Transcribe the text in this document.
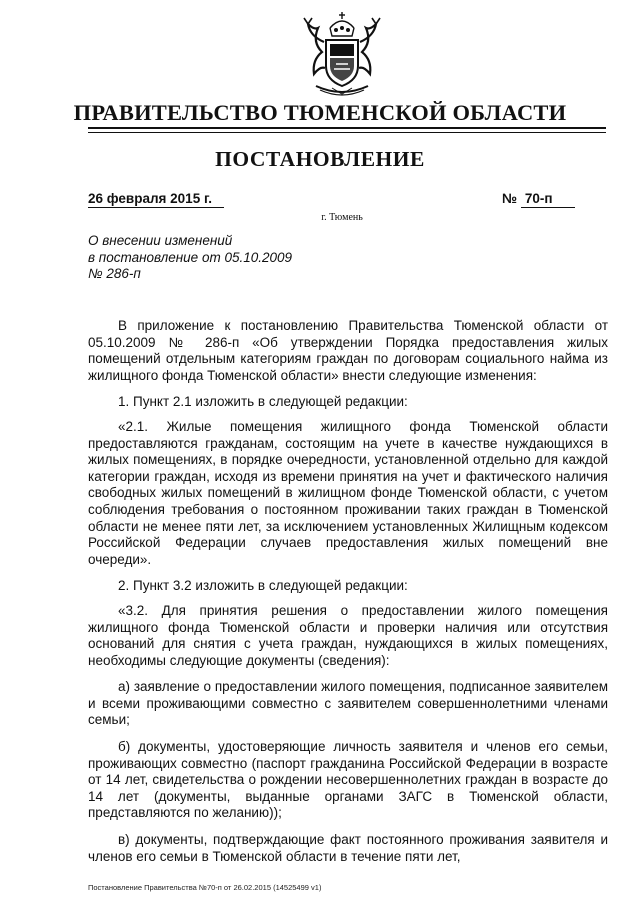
ПРАВИТЕЛЬСТВО ТЮМЕНСКОЙ ОБЛАСТИ
ПОСТАНОВЛЕНИЕ
26 февраля 2015 г.	№ 70-п
г. Тюмень
О внесении изменений
в постановление от 05.10.2009
№ 286-п

В приложение к постановлению Правительства Тюменской области от 05.10.2009 № 286-п «Об утверждении Порядка предоставления жилых помещений отдельным категориям граждан по договорам социального найма из жилищного фонда Тюменской области» внести следующие изменения:

1. Пункт 2.1 изложить в следующей редакции:

«2.1. Жилые помещения жилищного фонда Тюменской области предоставляются гражданам, состоящим на учете в качестве нуждающихся в жилых помещениях, в порядке очередности, установленной отдельно для каждой категории граждан, исходя из времени принятия на учет и фактического наличия свободных жилых помещений в жилищном фонде Тюменской области, с учетом соблюдения требования о постоянном проживании таких граждан в Тюменской области не менее пяти лет, за исключением установленных Жилищным кодексом Российской Федерации случаев предоставления жилых помещений вне очереди».

2. Пункт 3.2 изложить в следующей редакции:

«3.2. Для принятия решения о предоставлении жилого помещения жилищного фонда Тюменской области и проверки наличия или отсутствия оснований для снятия с учета граждан, нуждающихся в жилых помещениях, необходимы следующие документы (сведения):

а) заявление о предоставлении жилого помещения, подписанное заявителем и всеми проживающими совместно с заявителем совершеннолетними членами семьи;

б) документы, удостоверяющие личность заявителя и членов его семьи, проживающих совместно (паспорт гражданина Российской Федерации в возрасте от 14 лет, свидетельства о рождении несовершеннолетних граждан в возрасте до 14 лет (документы, выданные органами ЗАГС в Тюменской области, представляются по желанию));

в) документы, подтверждающие факт постоянного проживания заявителя и членов его семьи в Тюменской области в течение пяти лет,

Постановление Правительства №70-п от 26.02.2015 (14525499 v1)
